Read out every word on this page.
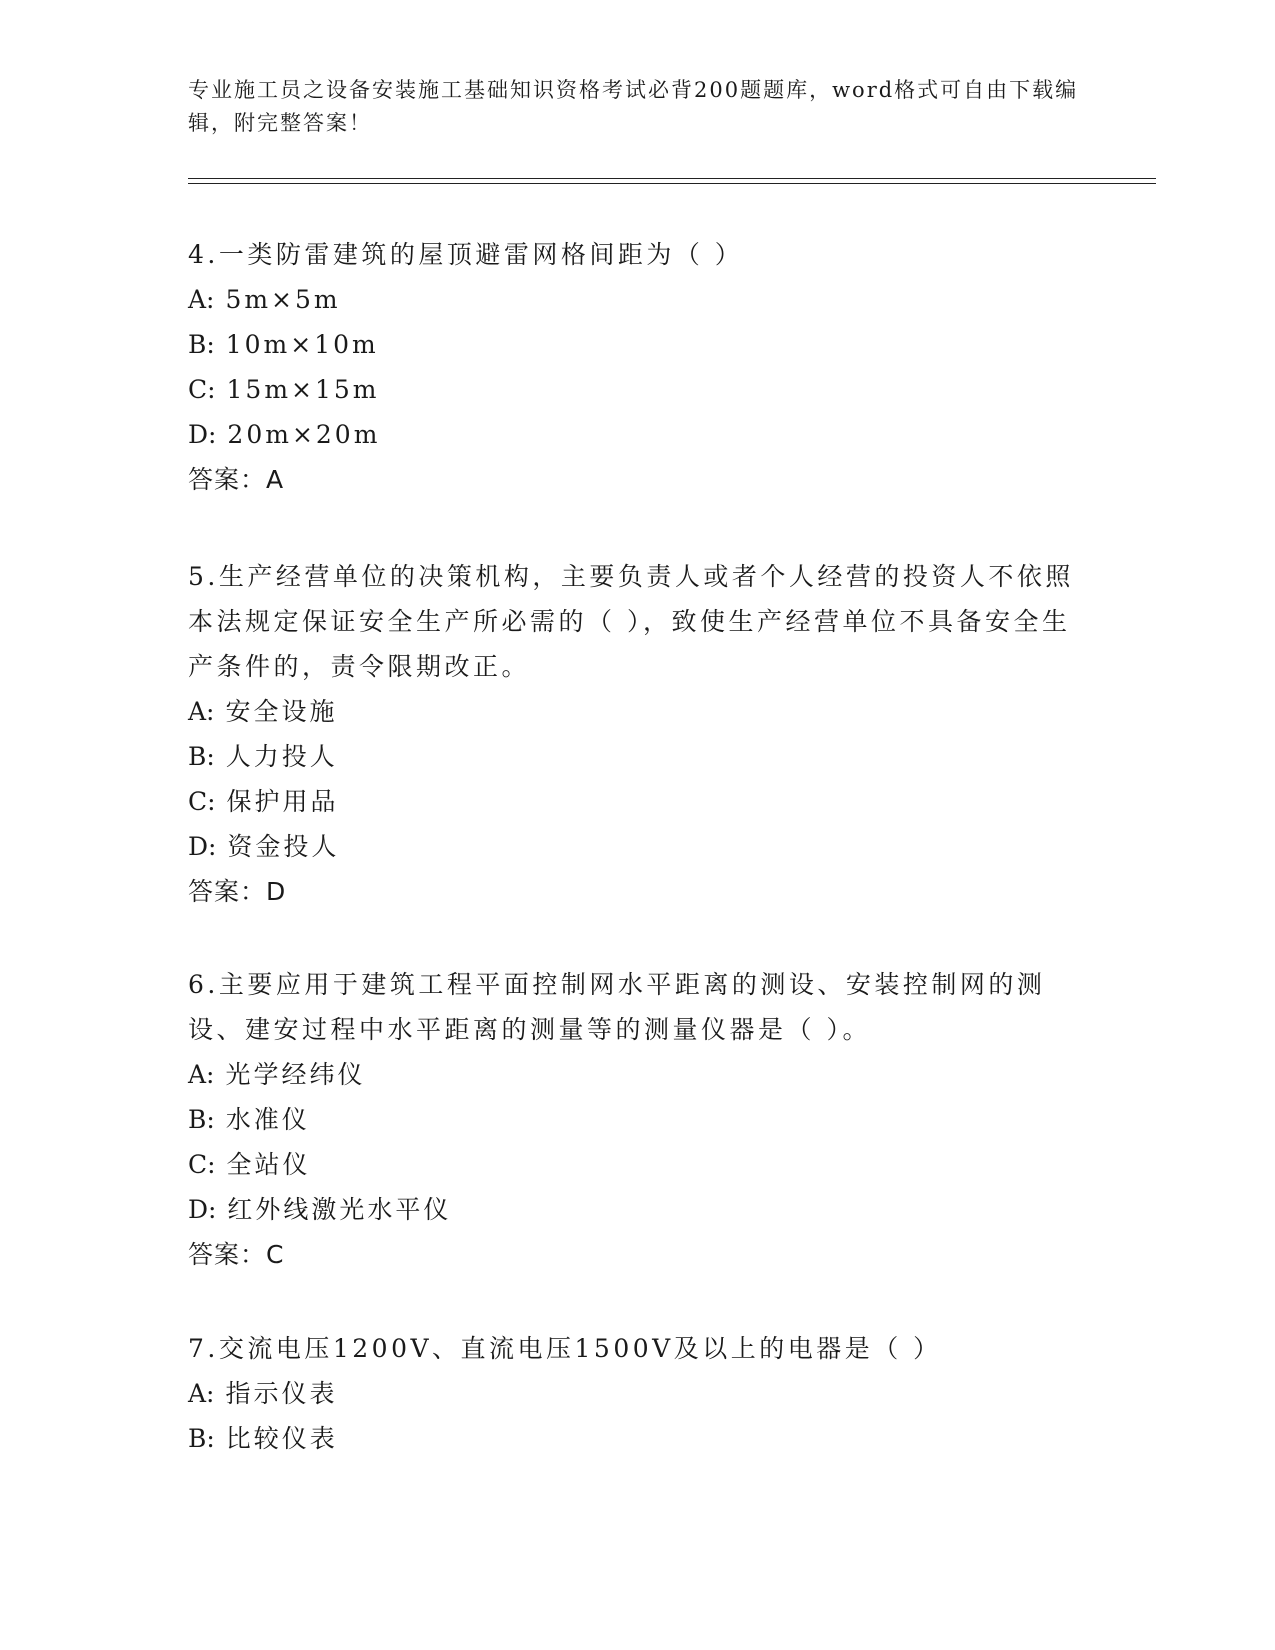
专业施工员之设备安装施工基础知识资格考试必背200题题库，word格式可自由下载编辑，附完整答案！
4.一类防雷建筑的屋顶避雷网格间距为（ ）
A: 5m×5m
B: 10m×10m
C: 15m×15m
D: 20m×20m
答案：A
5.生产经营单位的决策机构，主要负责人或者个人经营的投资人不依照本法规定保证安全生产所必需的（ ），致使生产经营单位不具备安全生产条件的，责令限期改正。
A: 安全设施
B: 人力投人
C: 保护用品
D: 资金投人
答案：D
6.主要应用于建筑工程平面控制网水平距离的测设、安装控制网的测设、建安过程中水平距离的测量等的测量仪器是（ ）。
A: 光学经纬仪
B: 水准仪
C: 全站仪
D: 红外线激光水平仪
答案：C
7.交流电压1200V、直流电压1500V及以上的电器是（ ）
A: 指示仪表
B: 比较仪表
